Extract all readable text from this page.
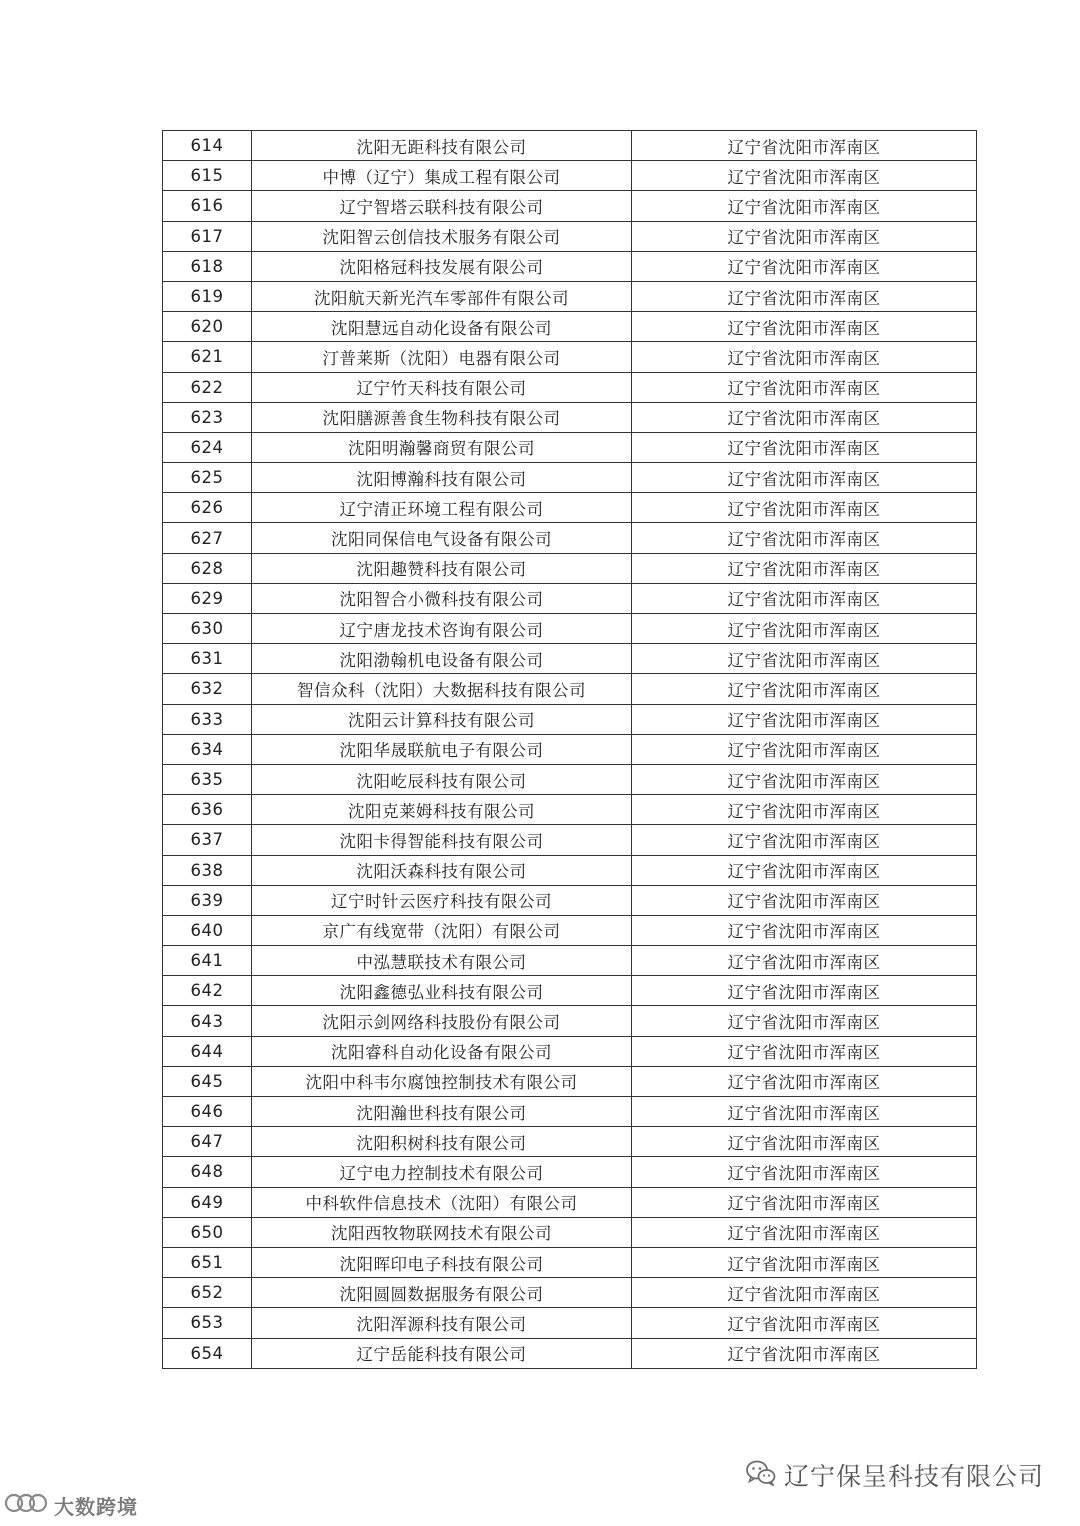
614	沈阳无距科技有限公司	辽宁省沈阳市浑南区
615	中博（辽宁）集成工程有限公司	辽宁省沈阳市浑南区
616	辽宁智塔云联科技有限公司	辽宁省沈阳市浑南区
617	沈阳智云创信技术服务有限公司	辽宁省沈阳市浑南区
618	沈阳格冠科技发展有限公司	辽宁省沈阳市浑南区
619	沈阳航天新光汽车零部件有限公司	辽宁省沈阳市浑南区
620	沈阳慧远自动化设备有限公司	辽宁省沈阳市浑南区
621	汀普莱斯（沈阳）电器有限公司	辽宁省沈阳市浑南区
622	辽宁竹天科技有限公司	辽宁省沈阳市浑南区
623	沈阳膳源善食生物科技有限公司	辽宁省沈阳市浑南区
624	沈阳明瀚馨商贸有限公司	辽宁省沈阳市浑南区
625	沈阳博瀚科技有限公司	辽宁省沈阳市浑南区
626	辽宁清正环境工程有限公司	辽宁省沈阳市浑南区
627	沈阳同保信电气设备有限公司	辽宁省沈阳市浑南区
628	沈阳趣赞科技有限公司	辽宁省沈阳市浑南区
629	沈阳智合小微科技有限公司	辽宁省沈阳市浑南区
630	辽宁唐龙技术咨询有限公司	辽宁省沈阳市浑南区
631	沈阳渤翰机电设备有限公司	辽宁省沈阳市浑南区
632	智信众科（沈阳）大数据科技有限公司	辽宁省沈阳市浑南区
633	沈阳云计算科技有限公司	辽宁省沈阳市浑南区
634	沈阳华晟联航电子有限公司	辽宁省沈阳市浑南区
635	沈阳屹辰科技有限公司	辽宁省沈阳市浑南区
636	沈阳克莱姆科技有限公司	辽宁省沈阳市浑南区
637	沈阳卡得智能科技有限公司	辽宁省沈阳市浑南区
638	沈阳沃森科技有限公司	辽宁省沈阳市浑南区
639	辽宁时针云医疗科技有限公司	辽宁省沈阳市浑南区
640	京广有线宽带（沈阳）有限公司	辽宁省沈阳市浑南区
641	中泓慧联技术有限公司	辽宁省沈阳市浑南区
642	沈阳鑫德弘业科技有限公司	辽宁省沈阳市浑南区
643	沈阳示剑网络科技股份有限公司	辽宁省沈阳市浑南区
644	沈阳睿科自动化设备有限公司	辽宁省沈阳市浑南区
645	沈阳中科韦尔腐蚀控制技术有限公司	辽宁省沈阳市浑南区
646	沈阳瀚世科技有限公司	辽宁省沈阳市浑南区
647	沈阳积树科技有限公司	辽宁省沈阳市浑南区
648	辽宁电力控制技术有限公司	辽宁省沈阳市浑南区
649	中科软件信息技术（沈阳）有限公司	辽宁省沈阳市浑南区
650	沈阳西牧物联网技术有限公司	辽宁省沈阳市浑南区
651	沈阳晖印电子科技有限公司	辽宁省沈阳市浑南区
652	沈阳圆圆数据服务有限公司	辽宁省沈阳市浑南区
653	沈阳浑源科技有限公司	辽宁省沈阳市浑南区
654	辽宁岳能科技有限公司	辽宁省沈阳市浑南区
辽宁保呈科技有限公司
大数跨境
